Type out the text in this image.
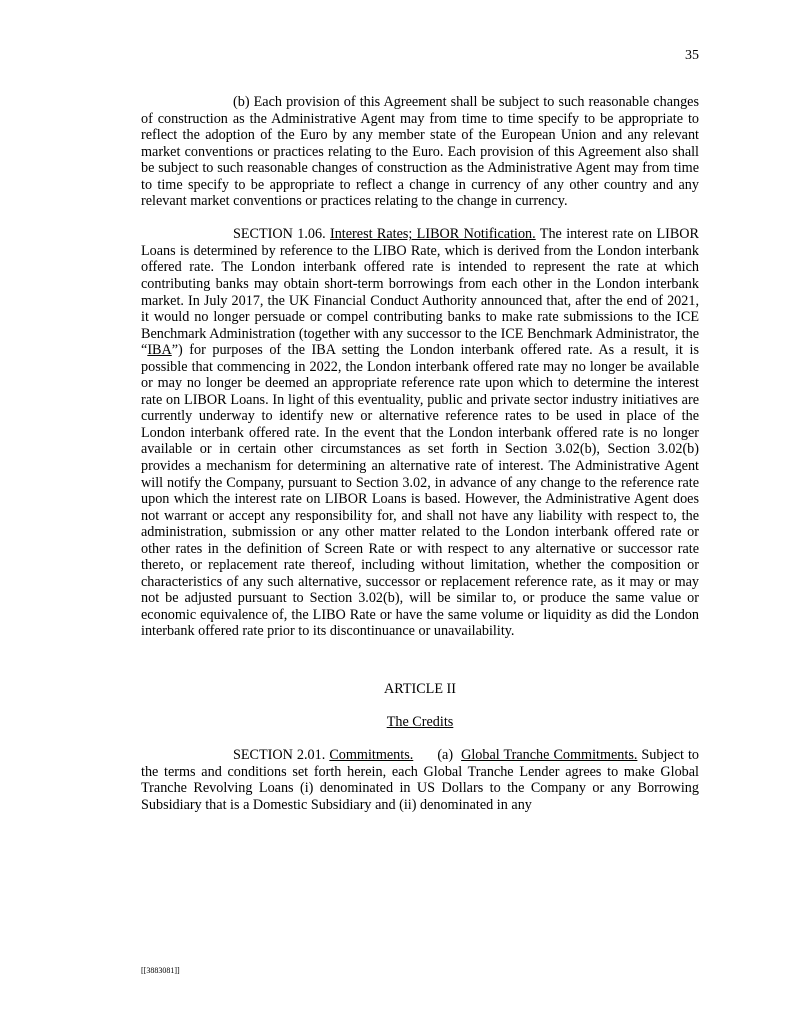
35

(b) Each provision of this Agreement shall be subject to such reasonable changes of construction as the Administrative Agent may from time to time specify to be appropriate to reflect the adoption of the Euro by any member state of the European Union and any relevant market conventions or practices relating to the Euro. Each provision of this Agreement also shall be subject to such reasonable changes of construction as the Administrative Agent may from time to time specify to be appropriate to reflect a change in currency of any other country and any relevant market conventions or practices relating to the change in currency.

SECTION 1.06. Interest Rates; LIBOR Notification. The interest rate on LIBOR Loans is determined by reference to the LIBO Rate, which is derived from the London interbank offered rate. The London interbank offered rate is intended to represent the rate at which contributing banks may obtain short-term borrowings from each other in the London interbank market. In July 2017, the UK Financial Conduct Authority announced that, after the end of 2021, it would no longer persuade or compel contributing banks to make rate submissions to the ICE Benchmark Administration (together with any successor to the ICE Benchmark Administrator, the “IBA”) for purposes of the IBA setting the London interbank offered rate. As a result, it is possible that commencing in 2022, the London interbank offered rate may no longer be available or may no longer be deemed an appropriate reference rate upon which to determine the interest rate on LIBOR Loans. In light of this eventuality, public and private sector industry initiatives are currently underway to identify new or alternative reference rates to be used in place of the London interbank offered rate. In the event that the London interbank offered rate is no longer available or in certain other circumstances as set forth in Section 3.02(b), Section 3.02(b) provides a mechanism for determining an alternative rate of interest. The Administrative Agent will notify the Company, pursuant to Section 3.02, in advance of any change to the reference rate upon which the interest rate on LIBOR Loans is based. However, the Administrative Agent does not warrant or accept any responsibility for, and shall not have any liability with respect to, the administration, submission or any other matter related to the London interbank offered rate or other rates in the definition of Screen Rate or with respect to any alternative or successor rate thereto, or replacement rate thereof, including without limitation, whether the composition or characteristics of any such alternative, successor or replacement reference rate, as it may or may not be adjusted pursuant to Section 3.02(b), will be similar to, or produce the same value or economic equivalence of, the LIBO Rate or have the same volume or liquidity as did the London interbank offered rate prior to its discontinuance or unavailability.

ARTICLE II

The Credits

SECTION 2.01. Commitments.      (a)  Global Tranche Commitments. Subject to the terms and conditions set forth herein, each Global Tranche Lender agrees to make Global Tranche Revolving Loans (i) denominated in US Dollars to the Company or any Borrowing Subsidiary that is a Domestic Subsidiary and (ii) denominated in any

[[3883081]]
